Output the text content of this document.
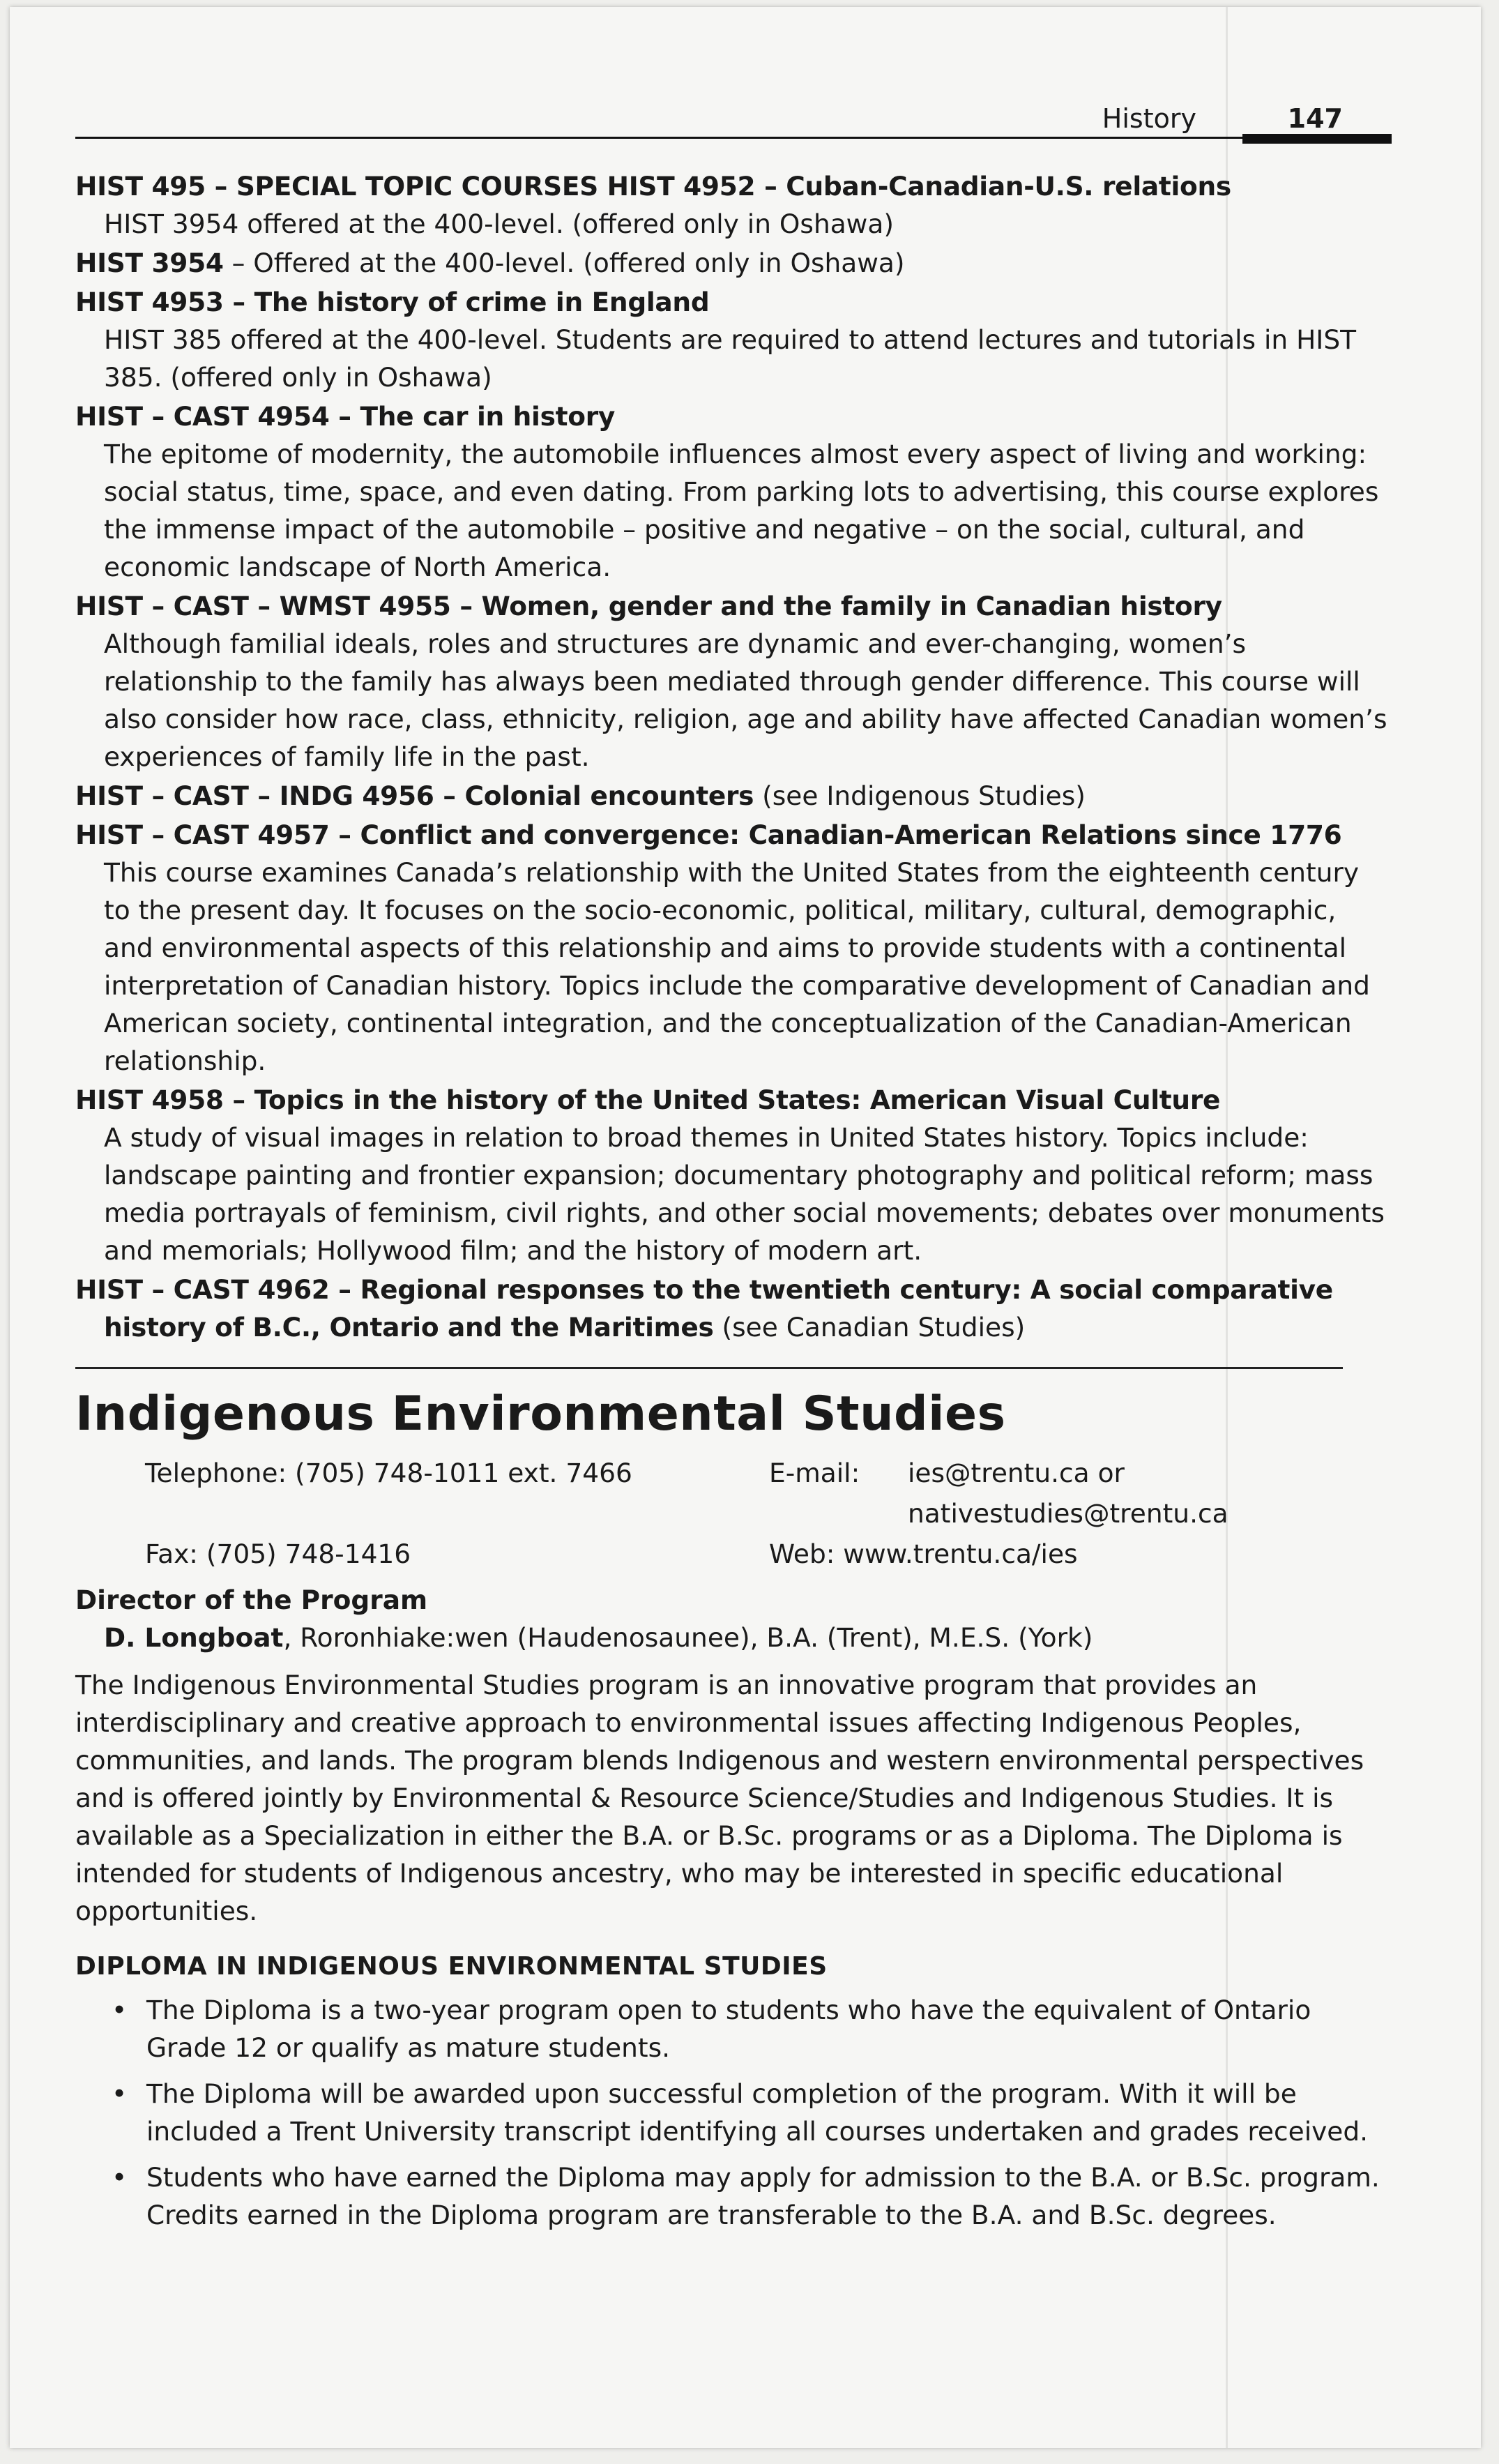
History	147
HIST 495 – SPECIAL TOPIC COURSES HIST 4952 – Cuban-Canadian-U.S. relations
HIST 3954 offered at the 400-level. (offered only in Oshawa)
HIST 3954 – Offered at the 400-level. (offered only in Oshawa)
HIST 4953 – The history of crime in England
HIST 385 offered at the 400-level. Students are required to attend lectures and tutorials in HIST 385. (offered only in Oshawa)
HIST – CAST 4954 – The car in history
The epitome of modernity, the automobile influences almost every aspect of living and working: social status, time, space, and even dating. From parking lots to advertising, this course explores the immense impact of the automobile – positive and negative – on the social, cultural, and economic landscape of North America.
HIST – CAST – WMST 4955 – Women, gender and the family in Canadian history
Although familial ideals, roles and structures are dynamic and ever-changing, women’s relationship to the family has always been mediated through gender difference. This course will also consider how race, class, ethnicity, religion, age and ability have affected Canadian women’s experiences of family life in the past.
HIST – CAST – INDG 4956 – Colonial encounters (see Indigenous Studies)
HIST – CAST 4957 – Conflict and convergence: Canadian-American Relations since 1776
This course examines Canada’s relationship with the United States from the eighteenth century to the present day. It focuses on the socio-economic, political, military, cultural, demographic, and environmental aspects of this relationship and aims to provide students with a continental interpretation of Canadian history. Topics include the comparative development of Canadian and American society, continental integration, and the conceptualization of the Canadian-American relationship.
HIST 4958 – Topics in the history of the United States: American Visual Culture
A study of visual images in relation to broad themes in United States history. Topics include: landscape painting and frontier expansion; documentary photography and political reform; mass media portrayals of feminism, civil rights, and other social movements; debates over monuments and memorials; Hollywood film; and the history of modern art.
HIST – CAST 4962 – Regional responses to the twentieth century: A social comparative history of B.C., Ontario and the Maritimes (see Canadian Studies)
Indigenous Environmental Studies
Telephone: (705) 748-1011 ext. 7466	E-mail: ies@trentu.ca or
nativestudies@trentu.ca
Fax: (705) 748-1416	Web: www.trentu.ca/ies
Director of the Program
D. Longboat, Roronhiake:wen (Haudenosaunee), B.A. (Trent), M.E.S. (York)
The Indigenous Environmental Studies program is an innovative program that provides an interdisciplinary and creative approach to environmental issues affecting Indigenous Peoples, communities, and lands. The program blends Indigenous and western environmental perspectives and is offered jointly by Environmental & Resource Science/Studies and Indigenous Studies. It is available as a Specialization in either the B.A. or B.Sc. programs or as a Diploma. The Diploma is intended for students of Indigenous ancestry, who may be interested in specific educational opportunities.
DIPLOMA IN INDIGENOUS ENVIRONMENTAL STUDIES
• The Diploma is a two-year program open to students who have the equivalent of Ontario Grade 12 or qualify as mature students.
• The Diploma will be awarded upon successful completion of the program. With it will be included a Trent University transcript identifying all courses undertaken and grades received.
• Students who have earned the Diploma may apply for admission to the B.A. or B.Sc. program. Credits earned in the Diploma program are transferable to the B.A. and B.Sc. degrees.
